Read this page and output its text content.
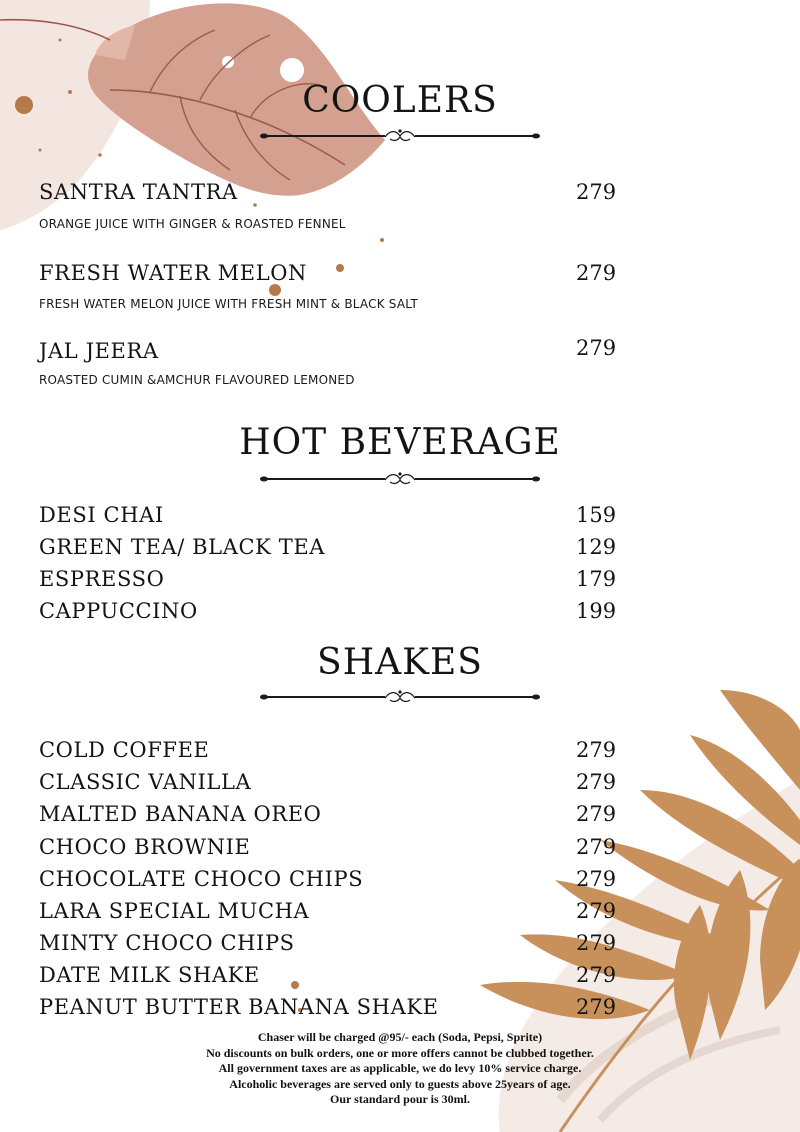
COOLERS
SANTRA TANTRA	279
ORANGE JUICE WITH GINGER & ROASTED FENNEL
FRESH WATER MELON	279
FRESH WATER MELON JUICE WITH FRESH MINT & BLACK SALT
JAL JEERA	279
ROASTED CUMIN &AMCHUR FLAVOURED LEMONED
HOT BEVERAGE
DESI CHAI	159
GREEN TEA/ BLACK TEA	129
ESPRESSO	179
CAPPUCCINO	199
SHAKES
COLD COFFEE	279
CLASSIC VANILLA	279
MALTED BANANA OREO	279
CHOCO BROWNIE	279
CHOCOLATE CHOCO CHIPS	279
LARA SPECIAL MUCHA	279
MINTY CHOCO CHIPS	279
DATE MILK SHAKE	279
PEANUT BUTTER BANANA SHAKE	279
Chaser will be charged @95/- each (Soda, Pepsi, Sprite)
No discounts on bulk orders, one or more offers cannot be clubbed together.
All government taxes are as applicable, we do levy 10% service charge.
Alcoholic beverages are served only to guests above 25years of age.
Our standard pour is 30ml.
